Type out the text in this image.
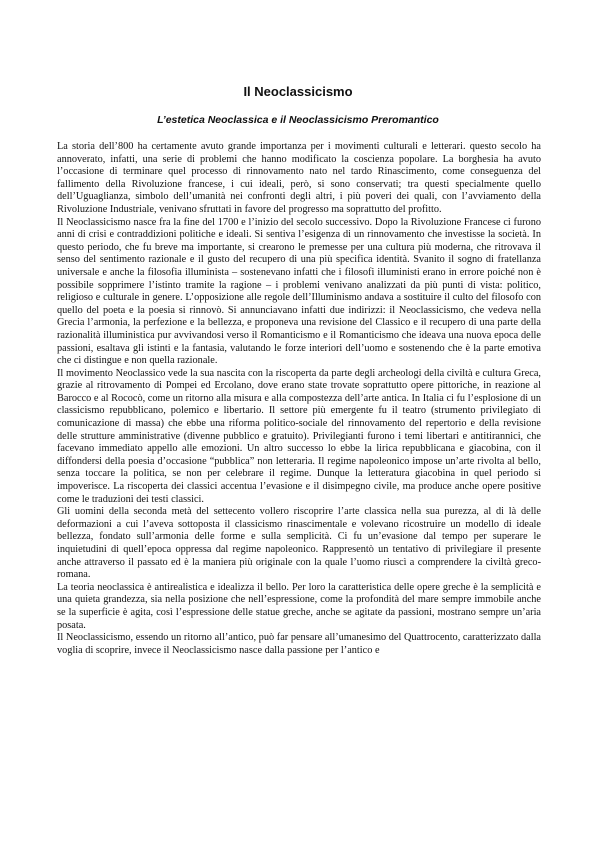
Il Neoclassicismo
L’estetica Neoclassica e il Neoclassicismo Preromantico

La storia dell’800 ha certamente avuto grande importanza per i movimenti culturali e letterari. questo secolo ha annoverato, infatti, una serie di problemi che hanno modificato la coscienza popolare. La borghesia ha avuto l’occasione di terminare quel processo di rinnovamento nato nel tardo Rinascimento, come conseguenza del fallimento della Rivoluzione francese, i cui ideali, però, si sono conservati; tra questi specialmente quello dell’Uguaglianza, simbolo dell’umanità nei confronti degli altri, i più poveri dei quali, con l’avviamento della Rivoluzione Industriale, venivano sfruttati in favore del progresso ma soprattutto del profitto.

Il Neoclassicismo nasce fra la fine del 1700 e l’inizio del secolo successivo. Dopo la Rivoluzione Francese ci furono anni di crisi e contraddizioni politiche e ideali. Si sentiva l’esigenza di un rinnovamento che investisse la società. In questo periodo, che fu breve ma importante, si crearono le premesse per una cultura più moderna, che ritrovava il senso del sentimento razionale e il gusto del recupero di una più specifica identità. Svanito il sogno di fratellanza universale e anche la filosofia illuminista – sostenevano infatti che i filosofi illuministi erano in errore poiché non è possibile sopprimere l’istinto tramite la ragione – i problemi venivano analizzati da più punti di vista: politico, religioso e culturale in genere. L’opposizione alle regole dell’Illuminismo andava a sostituire il culto del filosofo con quello del poeta e la poesia si rinnovò. Si annunciavano infatti due indirizzi: il Neoclassicismo, che vedeva nella Grecia l’armonia, la perfezione e la bellezza, e proponeva una revisione del Classico e il recupero di una parte della razionalità illuministica pur avvivandosi verso il Romanticismo e il Romanticismo che ideava una nuova epoca delle passioni, esaltava gli istinti e la fantasia, valutando le forze interiori dell’uomo e sostenendo che è la parte emotiva che ci distingue e non quella razionale.

Il movimento Neoclassico vede la sua nascita con la riscoperta da parte degli archeologi della civiltà e cultura Greca, grazie al ritrovamento di Pompei ed Ercolano, dove erano state trovate soprattutto opere pittoriche, in reazione al Barocco e al Rococò, come un ritorno alla misura e alla compostezza dell’arte antica. In Italia ci fu l’esplosione di un classicismo repubblicano, polemico e libertario. Il settore più emergente fu il teatro (strumento privilegiato di comunicazione di massa) che ebbe una riforma politico-sociale del rinnovamento del repertorio e della revisione delle strutture amministrative (divenne pubblico e gratuito). Privilegianti furono i temi libertari e antitirannici, che facevano immediato appello alle emozioni. Un altro successo lo ebbe la lirica repubblicana e giacobina, con il diffondersi della poesia d’occasione “pubblica” non letteraria. Il regime napoleonico impose un’arte rivolta al bello, senza toccare la politica, se non per celebrare il regime. Dunque la letteratura giacobina in quel periodo si impoverisce. La riscoperta dei classici accentua l’evasione e il disimpegno civile, ma produce anche opere positive come le traduzioni dei testi classici.

Gli uomini della seconda metà del settecento vollero riscoprire l’arte classica nella sua purezza, al di là delle deformazioni a cui l’aveva sottoposta il classicismo rinascimentale e volevano ricostruire un modello di ideale bellezza, fondato sull’armonia delle forme e sulla semplicità. Ci fu un’evasione dal tempo per superare le inquietudini di quell’epoca oppressa dal regime napoleonico. Rappresentò un tentativo di privilegiare il presente anche attraverso il passato ed è la maniera più originale con la quale l’uomo riuscì a comprendere la civiltà greco-romana.

La teoria neoclassica è antirealistica e idealizza il bello. Per loro la caratteristica delle opere greche è la semplicità e una quieta grandezza, sia nella posizione che nell’espressione, come la profondità del mare sempre immobile anche se la superficie è agita, così l’espressione delle statue greche, anche se agitate da passioni, mostrano sempre un’aria posata.

Il Neoclassicismo, essendo un ritorno all’antico, può far pensare all’umanesimo del Quattrocento, caratterizzato dalla voglia di scoprire, invece il Neoclassicismo nasce dalla passione per l’antico e
